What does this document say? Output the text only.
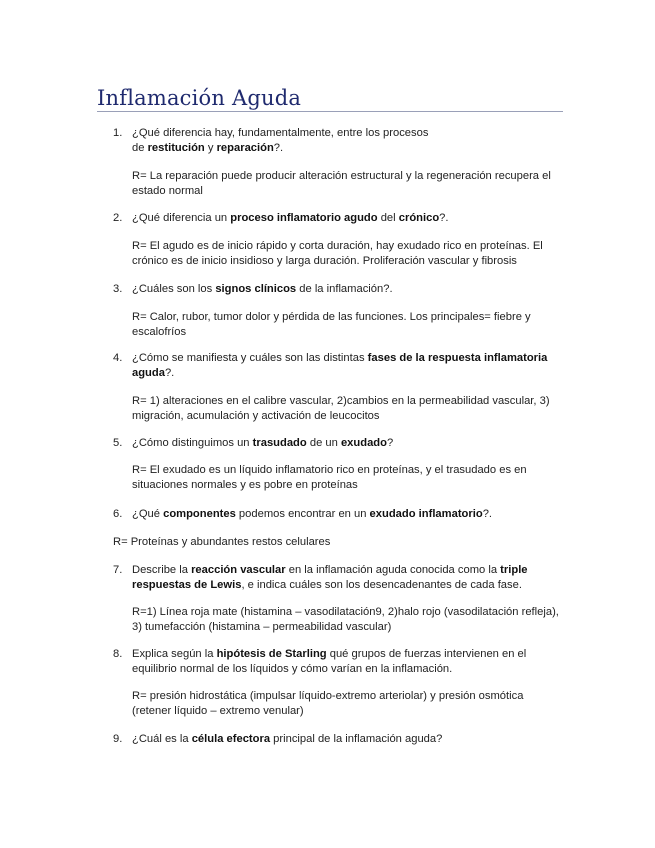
Inflamación Aguda
1. ¿Qué diferencia hay, fundamentalmente, entre los procesos
de restitución y reparación?.
R= La reparación puede producir alteración estructural y la regeneración recupera el estado normal
2. ¿Qué diferencia un proceso inflamatorio agudo del crónico?.
R= El agudo es de inicio rápido y corta duración, hay exudado rico en proteínas. El crónico es de inicio insidioso y larga duración. Proliferación vascular y fibrosis
3. ¿Cuáles son los signos clínicos de la inflamación?.
R= Calor, rubor, tumor dolor y pérdida de las funciones. Los principales= fiebre y escalofríos
4. ¿Cómo se manifiesta y cuáles son las distintas fases de la respuesta inflamatoria aguda?.
R= 1) alteraciones en el calibre vascular, 2)cambios en la permeabilidad vascular, 3) migración, acumulación y activación de leucocitos
5. ¿Cómo distinguimos un trasudado de un exudado?
R= El exudado es un líquido inflamatorio rico en proteínas, y el trasudado es en situaciones normales y es pobre en proteínas
6. ¿Qué componentes podemos encontrar en un exudado inflamatorio?.
R= Proteínas y abundantes restos celulares
7. Describe la reacción vascular en la inflamación aguda conocida como la triple respuestas de Lewis, e indica cuáles son los desencadenantes de cada fase.
R=1) Línea roja mate (histamina – vasodilatación9, 2)halo rojo (vasodilatación refleja), 3) tumefacción (histamina – permeabilidad vascular)
8. Explica según la hipótesis de Starling qué grupos de fuerzas intervienen en el equilibrio normal de los líquidos y cómo varían en la inflamación.
R= presión hidrostática (impulsar líquido-extremo arteriolar) y presión osmótica (retener líquido – extremo venular)
9. ¿Cuál es la célula efectora principal de la inflamación aguda?
